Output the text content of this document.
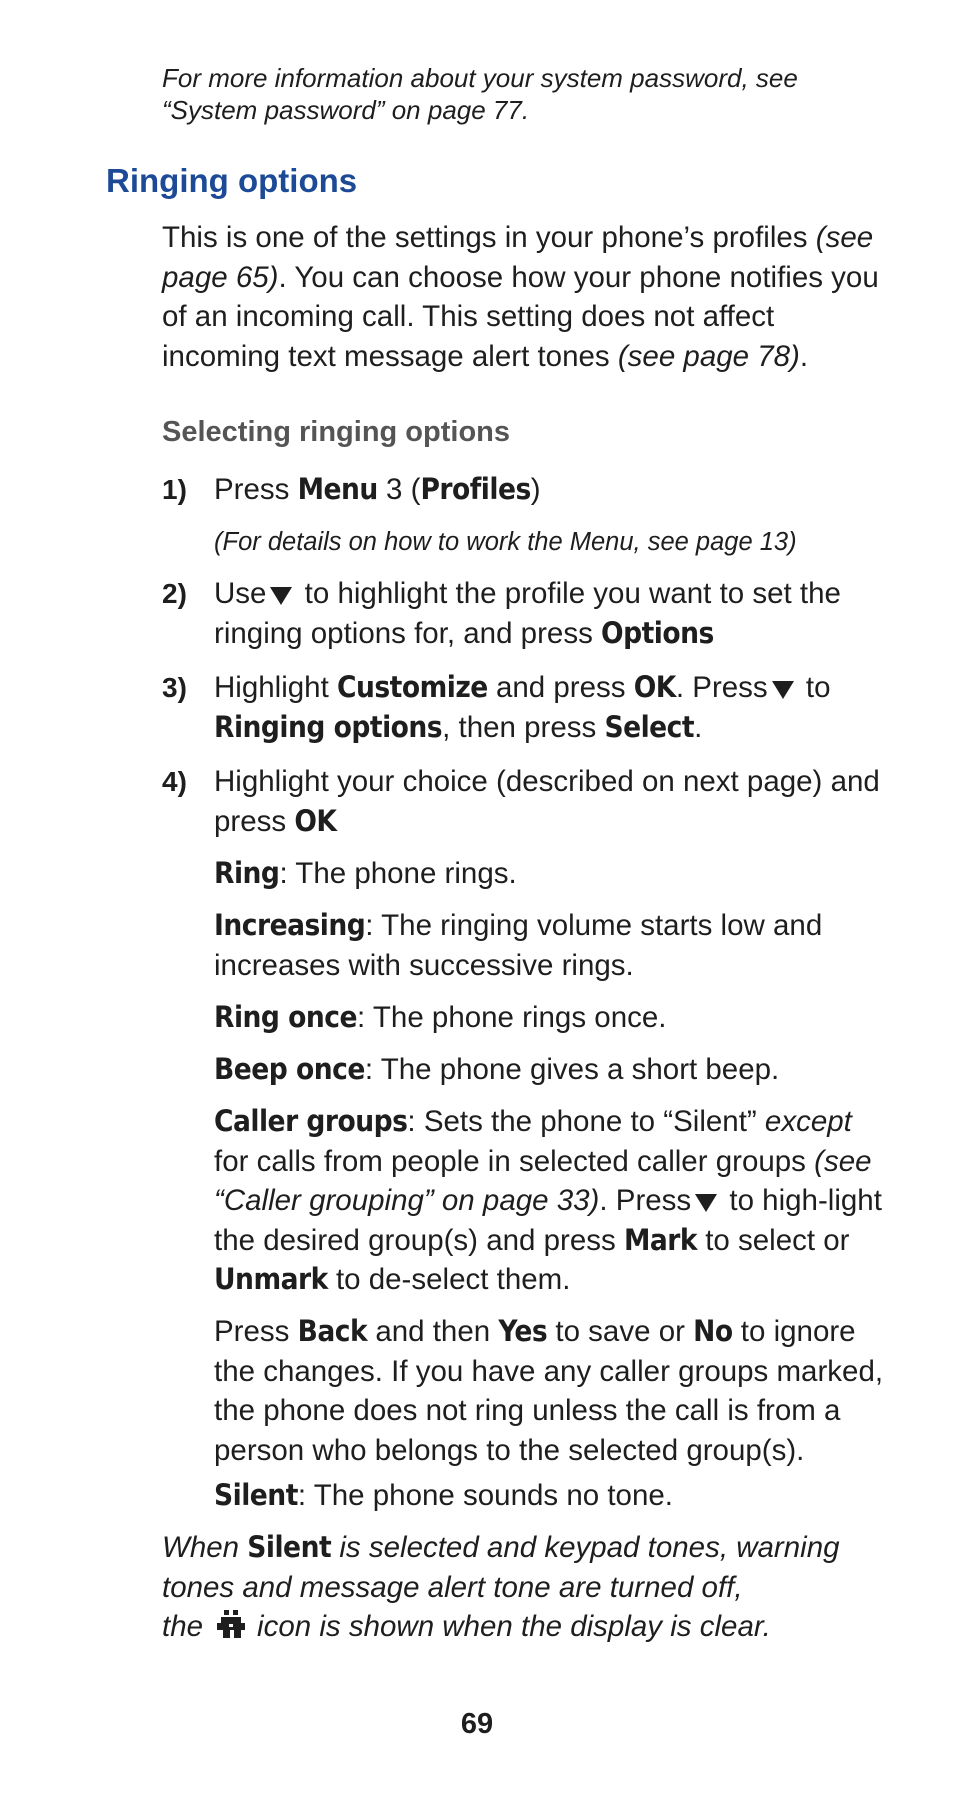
For more information about your system password, see
“System password” on page 77.
Ringing options
This is one of the settings in your phone’s profiles (see page 65). You can choose how your phone notifies you of an incoming call. This setting does not affect incoming text message alert tones (see page 78).
Selecting ringing options
1) Press Menu 3 (Profiles)
(For details on how to work the Menu, see page 13)
2) Use to highlight the profile you want to set the ringing options for, and press Options
3) Highlight Customize and press OK. Press to Ringing options, then press Select.
4) Highlight your choice (described on next page) and press OK
Ring: The phone rings.
Increasing: The ringing volume starts low and increases with successive rings.
Ring once: The phone rings once.
Beep once: The phone gives a short beep.
Caller groups: Sets the phone to “Silent” except for calls from people in selected caller groups (see “Caller grouping” on page 33). Press to high-light the desired group(s) and press Mark to select or Unmark to de-select them.
Press Back and then Yes to save or No to ignore the changes. If you have any caller groups marked, the phone does not ring unless the call is from a person who belongs to the selected group(s).
Silent: The phone sounds no tone.
When Silent is selected and keypad tones, warning tones and message alert tone are turned off,
the icon is shown when the display is clear.
69
